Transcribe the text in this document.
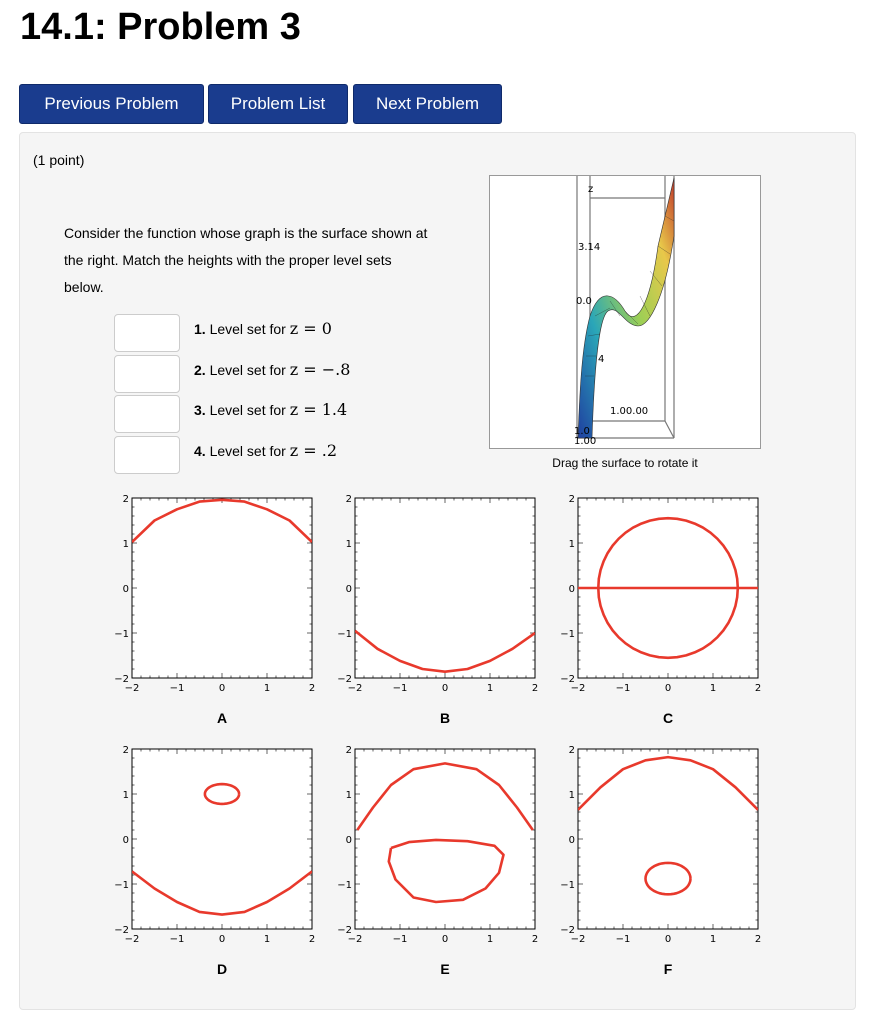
14.1: Problem 3
Previous Problem	Problem List	Next Problem
(1 point)
Consider the function whose graph is the surface shown at the right. Match the heights with the proper level sets below.
1. Level set for z = 0
2. Level set for z = −.8
3. Level set for z = 1.4
4. Level set for z = .2
z
3.14
0.0
4
1.0
1.00
1.00.00
Drag the surface to rotate it
−2	−1	0	1	2
2
1
0
−1
−2
A
−2	−1	0	1	2
2
1
0
−1
−2
B
−2	−1	0	1	2
2
1
0
−1
−2
C
−2	−1	0	1	2
2
1
0
−1
−2
D
−2	−1	0	1	2
2
1
0
−1
−2
E
−2	−1	0	1	2
2
1
0
−1
−2
F
